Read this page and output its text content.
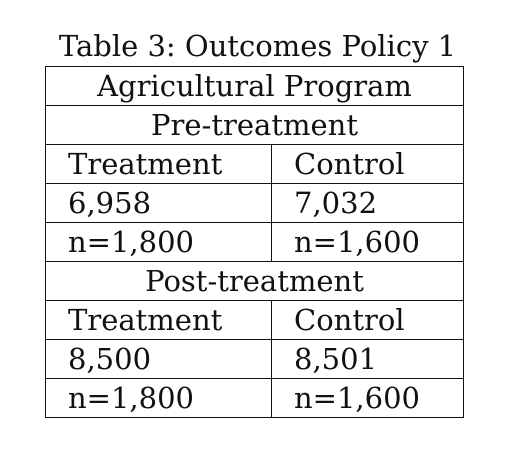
Table 3: Outcomes Policy 1
Agricultural Program	
Pre-treatment	
Treatment	Control
6,958	7,032
n=1,800	n=1,600
Post-treatment	
Treatment	Control
8,500	8,501
n=1,800	n=1,600
